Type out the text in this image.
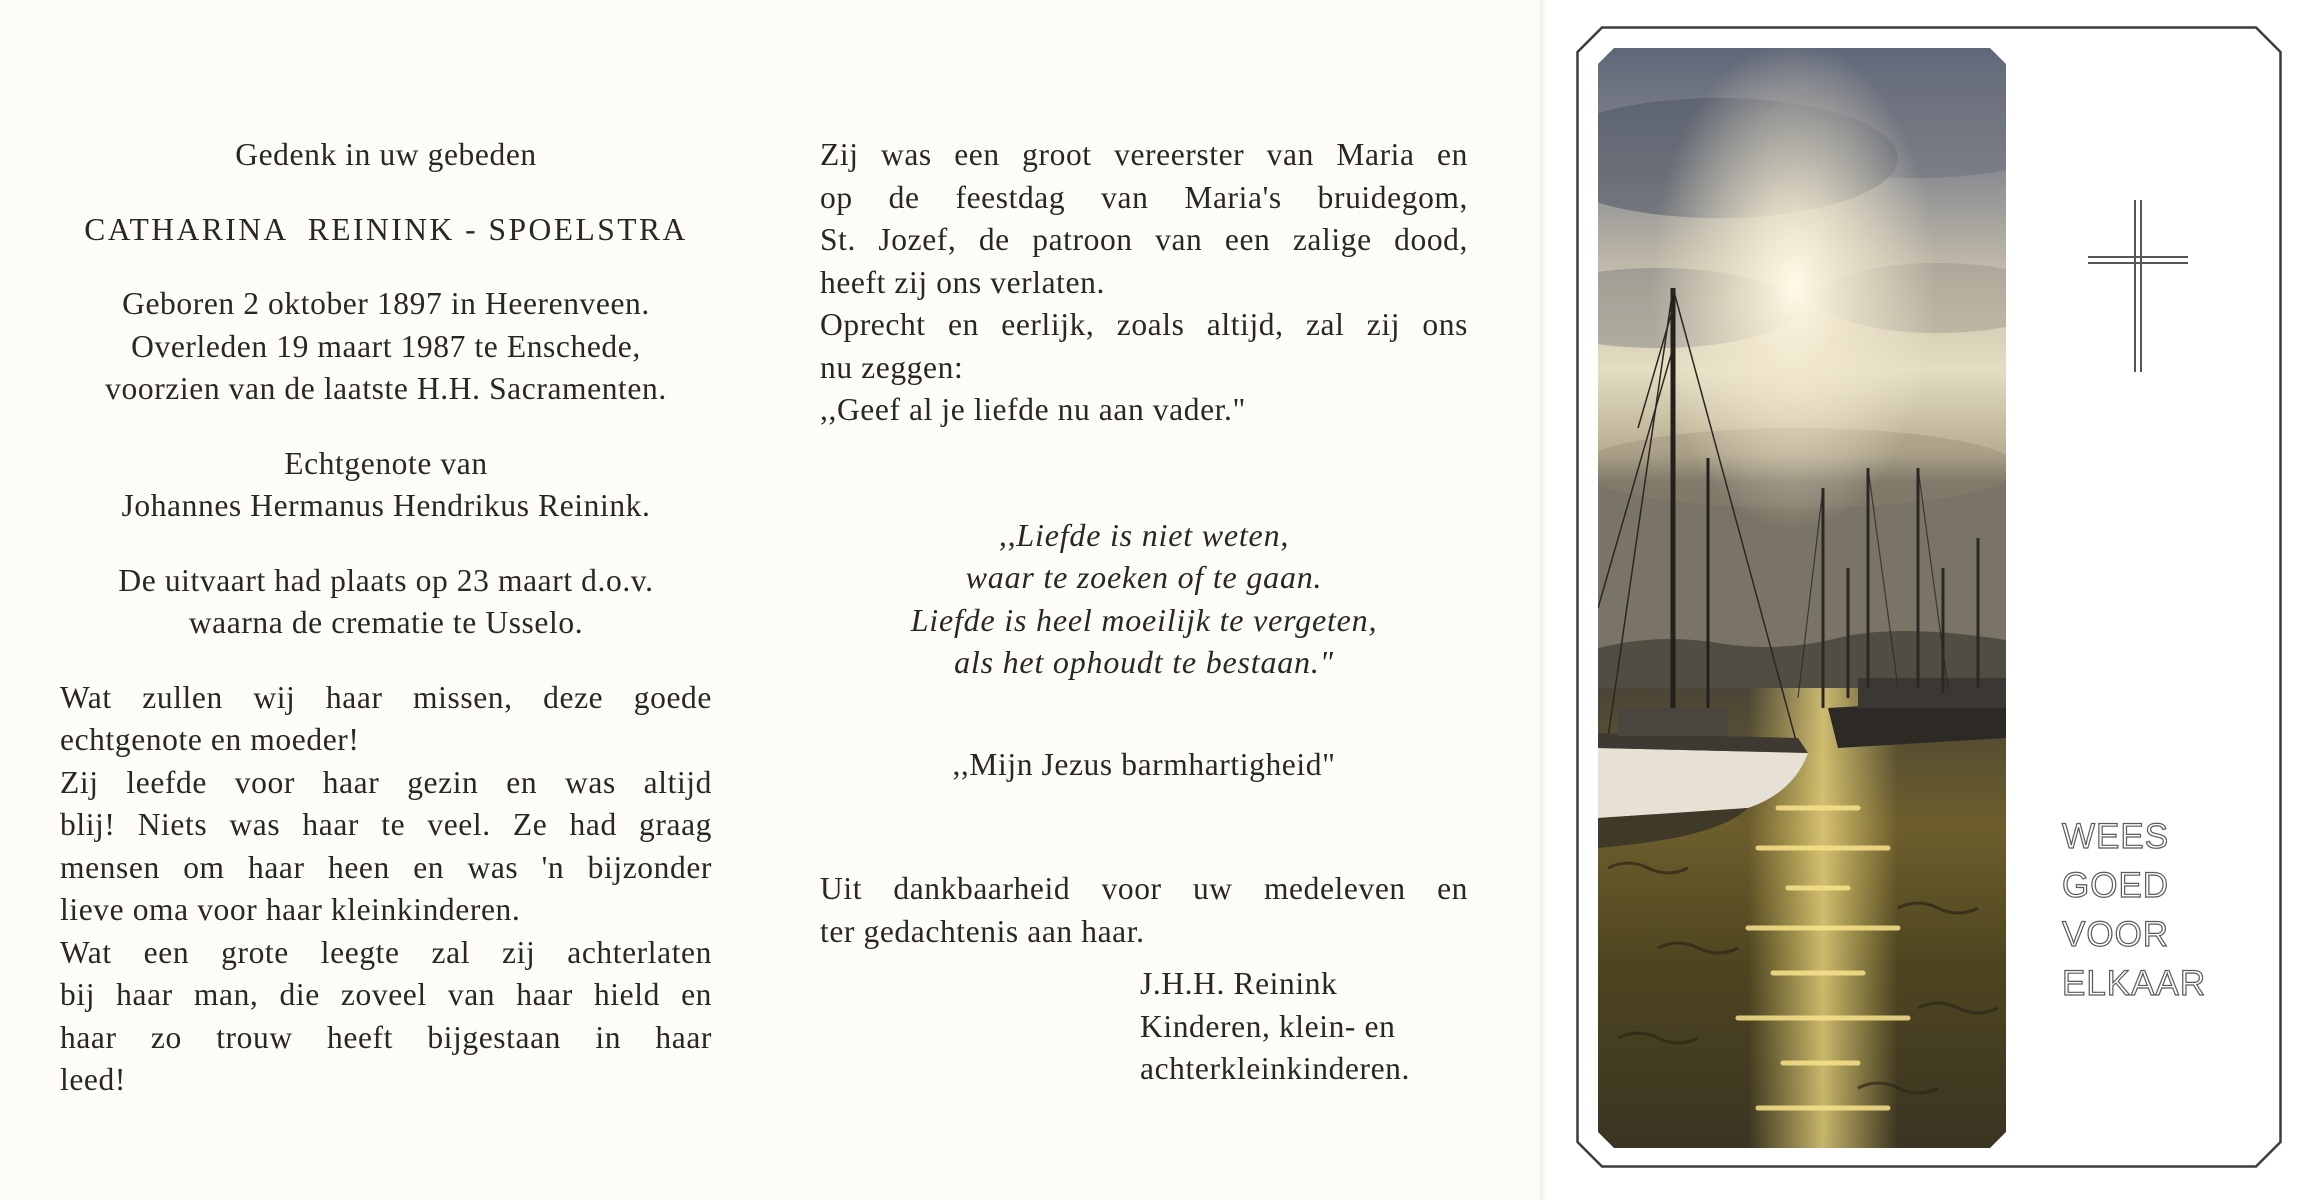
Gedenk in uw gebeden

CATHARINA  REININK - SPOELSTRA

Geboren 2 oktober 1897 in Heerenveen.

Overleden 19 maart 1987 te Enschede,

voorzien van de laatste H.H. Sacramenten.

Echtgenote van

Johannes Hermanus Hendrikus Reinink.

De uitvaart had plaats op 23 maart d.o.v.

waarna de crematie te Usselo.

Wat zullen wij haar missen, deze goede

echtgenote en moeder!

Zij leefde voor haar gezin en was altijd

blij! Niets was haar te veel. Ze had graag

mensen om haar heen en was 'n bijzonder

lieve oma voor haar kleinkinderen.

Wat een grote leegte zal zij achterlaten

bij haar man, die zoveel van haar hield en

haar zo trouw heeft bijgestaan in haar

leed!

Zij was een groot vereerster van Maria en

op de feestdag van Maria's bruidegom,

St. Jozef, de patroon van een zalige dood,

heeft zij ons verlaten.

Oprecht en eerlijk, zoals altijd, zal zij ons

nu zeggen:

,,Geef al je liefde nu aan vader."

,,Liefde is niet weten,

waar te zoeken of te gaan.

Liefde is heel moeilijk te vergeten,

als het ophoudt te bestaan."

,,Mijn Jezus barmhartigheid"

Uit dankbaarheid voor uw medeleven en

ter gedachtenis aan haar.

J.H.H. Reinink

Kinderen, klein- en

achterkleinkinderen.

WEES
GOED
VOOR
ELKAAR
